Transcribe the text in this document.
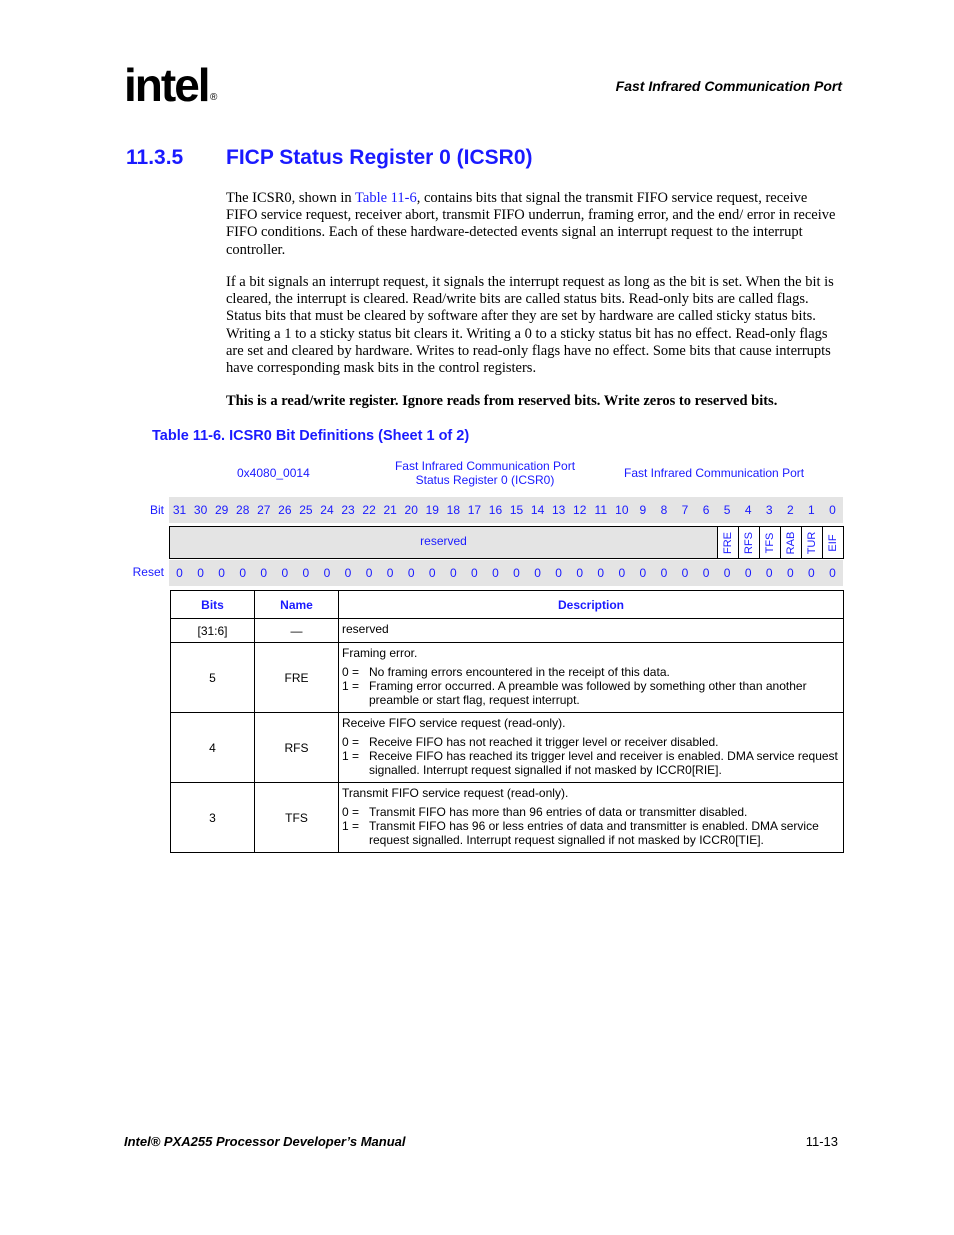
intel ®
Fast Infrared Communication Port
11.3.5 FICP Status Register 0 (ICSR0)
The ICSR0, shown in Table 11-6, contains bits that signal the transmit FIFO service request, receive FIFO service request, receiver abort, transmit FIFO underrun, framing error, and the end/ error in receive FIFO conditions. Each of these hardware-detected events signal an interrupt request to the interrupt controller.
If a bit signals an interrupt request, it signals the interrupt request as long as the bit is set. When the bit is cleared, the interrupt is cleared. Read/write bits are called status bits. Read-only bits are called flags. Status bits that must be cleared by software after they are set by hardware are called sticky status bits. Writing a 1 to a sticky status bit clears it. Writing a 0 to a sticky status bit has no effect. Read-only flags are set and cleared by hardware. Writes to read-only flags have no effect. Some bits that cause interrupts have corresponding mask bits in the control registers.
This is a read/write register. Ignore reads from reserved bits. Write zeros to reserved bits.
Table 11-6. ICSR0 Bit Definitions (Sheet 1 of 2)
0x4080_0014	Fast Infrared Communication Port
Status Register 0 (ICSR0)	Fast Infrared Communication Port
Bit 31 30 29 28 27 26 25 24 23 22 21 20 19 18 17 16 15 14 13 12 11 10 9	8	7	6	5	4	3	2	1	0
reserved	FRE RFS TFS RAB TUR EIF
Reset	0	0	0	0	0	0	0	0	0	0	0	0	0	0	0	0	0	0	0	0	0	0	0	0	0	0	0	0	0	0	0	0
Bits	Name	Description
[31:6]	—	reserved

5	FRE	Framing error.
0 = No framing errors encountered in the receipt of this data.
1 = Framing error occurred. A preamble was followed by something other than another preamble or start flag, request interrupt.

4	RFS	Receive FIFO service request (read-only).
0 = Receive FIFO has not reached it trigger level or receiver disabled.
1 = Receive FIFO has reached its trigger level and receiver is enabled. DMA service request signalled. Interrupt request signalled if not masked by ICCR0[RIE].

3	TFS	Transmit FIFO service request (read-only).
0 = Transmit FIFO has more than 96 entries of data or transmitter disabled.
1 = Transmit FIFO has 96 or less entries of data and transmitter is enabled. DMA service request signalled. Interrupt request signalled if not masked by ICCR0[TIE].
Intel® PXA255 Processor Developer’s Manual	11-13
